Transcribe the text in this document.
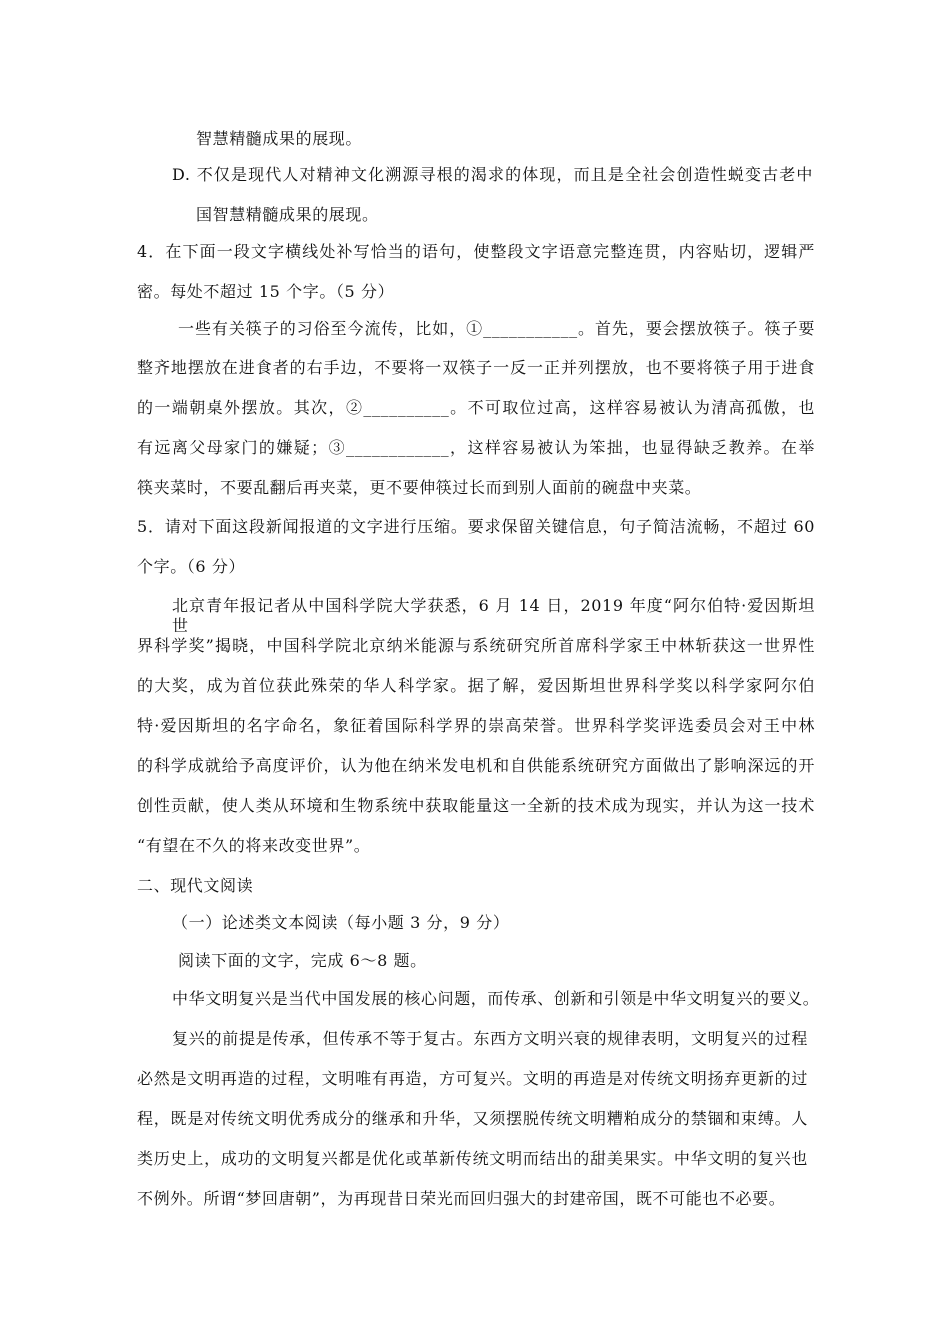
智慧精髓成果的展现。
D. 不仅是现代人对精神文化溯源寻根的渴求的体现，而且是全社会创造性蜕变古老中
国智慧精髓成果的展现。
4．在下面一段文字横线处补写恰当的语句，使整段文字语意完整连贯，内容贴切，逻辑严
密。每处不超过 15 个字。（5 分）
一些有关筷子的习俗至今流传，比如，①___________。首先，要会摆放筷子。筷子要
整齐地摆放在进食者的右手边，不要将一双筷子一反一正并列摆放，也不要将筷子用于进食
的一端朝桌外摆放。其次，②__________。不可取位过高，这样容易被认为清高孤傲，也
有远离父母家门的嫌疑；③____________，这样容易被认为笨拙，也显得缺乏教养。在举
筷夹菜时，不要乱翻后再夹菜，更不要伸筷过长而到别人面前的碗盘中夹菜。
5．请对下面这段新闻报道的文字进行压缩。要求保留关键信息，句子简洁流畅，不超过 60
个字。（6 分）
北京青年报记者从中国科学院大学获悉，6 月 14 日，2019 年度“阿尔伯特·爱因斯坦世
界科学奖”揭晓，中国科学院北京纳米能源与系统研究所首席科学家王中林斩获这一世界性
的大奖，成为首位获此殊荣的华人科学家。据了解，爱因斯坦世界科学奖以科学家阿尔伯
特·爱因斯坦的名字命名，象征着国际科学界的崇高荣誉。世界科学奖评选委员会对王中林
的科学成就给予高度评价，认为他在纳米发电机和自供能系统研究方面做出了影响深远的开
创性贡献，使人类从环境和生物系统中获取能量这一全新的技术成为现实，并认为这一技术
“有望在不久的将来改变世界”。
二、现代文阅读
（一）论述类文本阅读（每小题 3 分，9 分）
阅读下面的文字，完成 6～8 题。
中华文明复兴是当代中国发展的核心问题，而传承、创新和引领是中华文明复兴的要义。
复兴的前提是传承，但传承不等于复古。东西方文明兴衰的规律表明，文明复兴的过程
必然是文明再造的过程，文明唯有再造，方可复兴。文明的再造是对传统文明扬弃更新的过
程，既是对传统文明优秀成分的继承和升华，又须摆脱传统文明糟粕成分的禁锢和束缚。人
类历史上，成功的文明复兴都是优化或革新传统文明而结出的甜美果实。中华文明的复兴也
不例外。所谓“梦回唐朝”，为再现昔日荣光而回归强大的封建帝国，既不可能也不必要。
